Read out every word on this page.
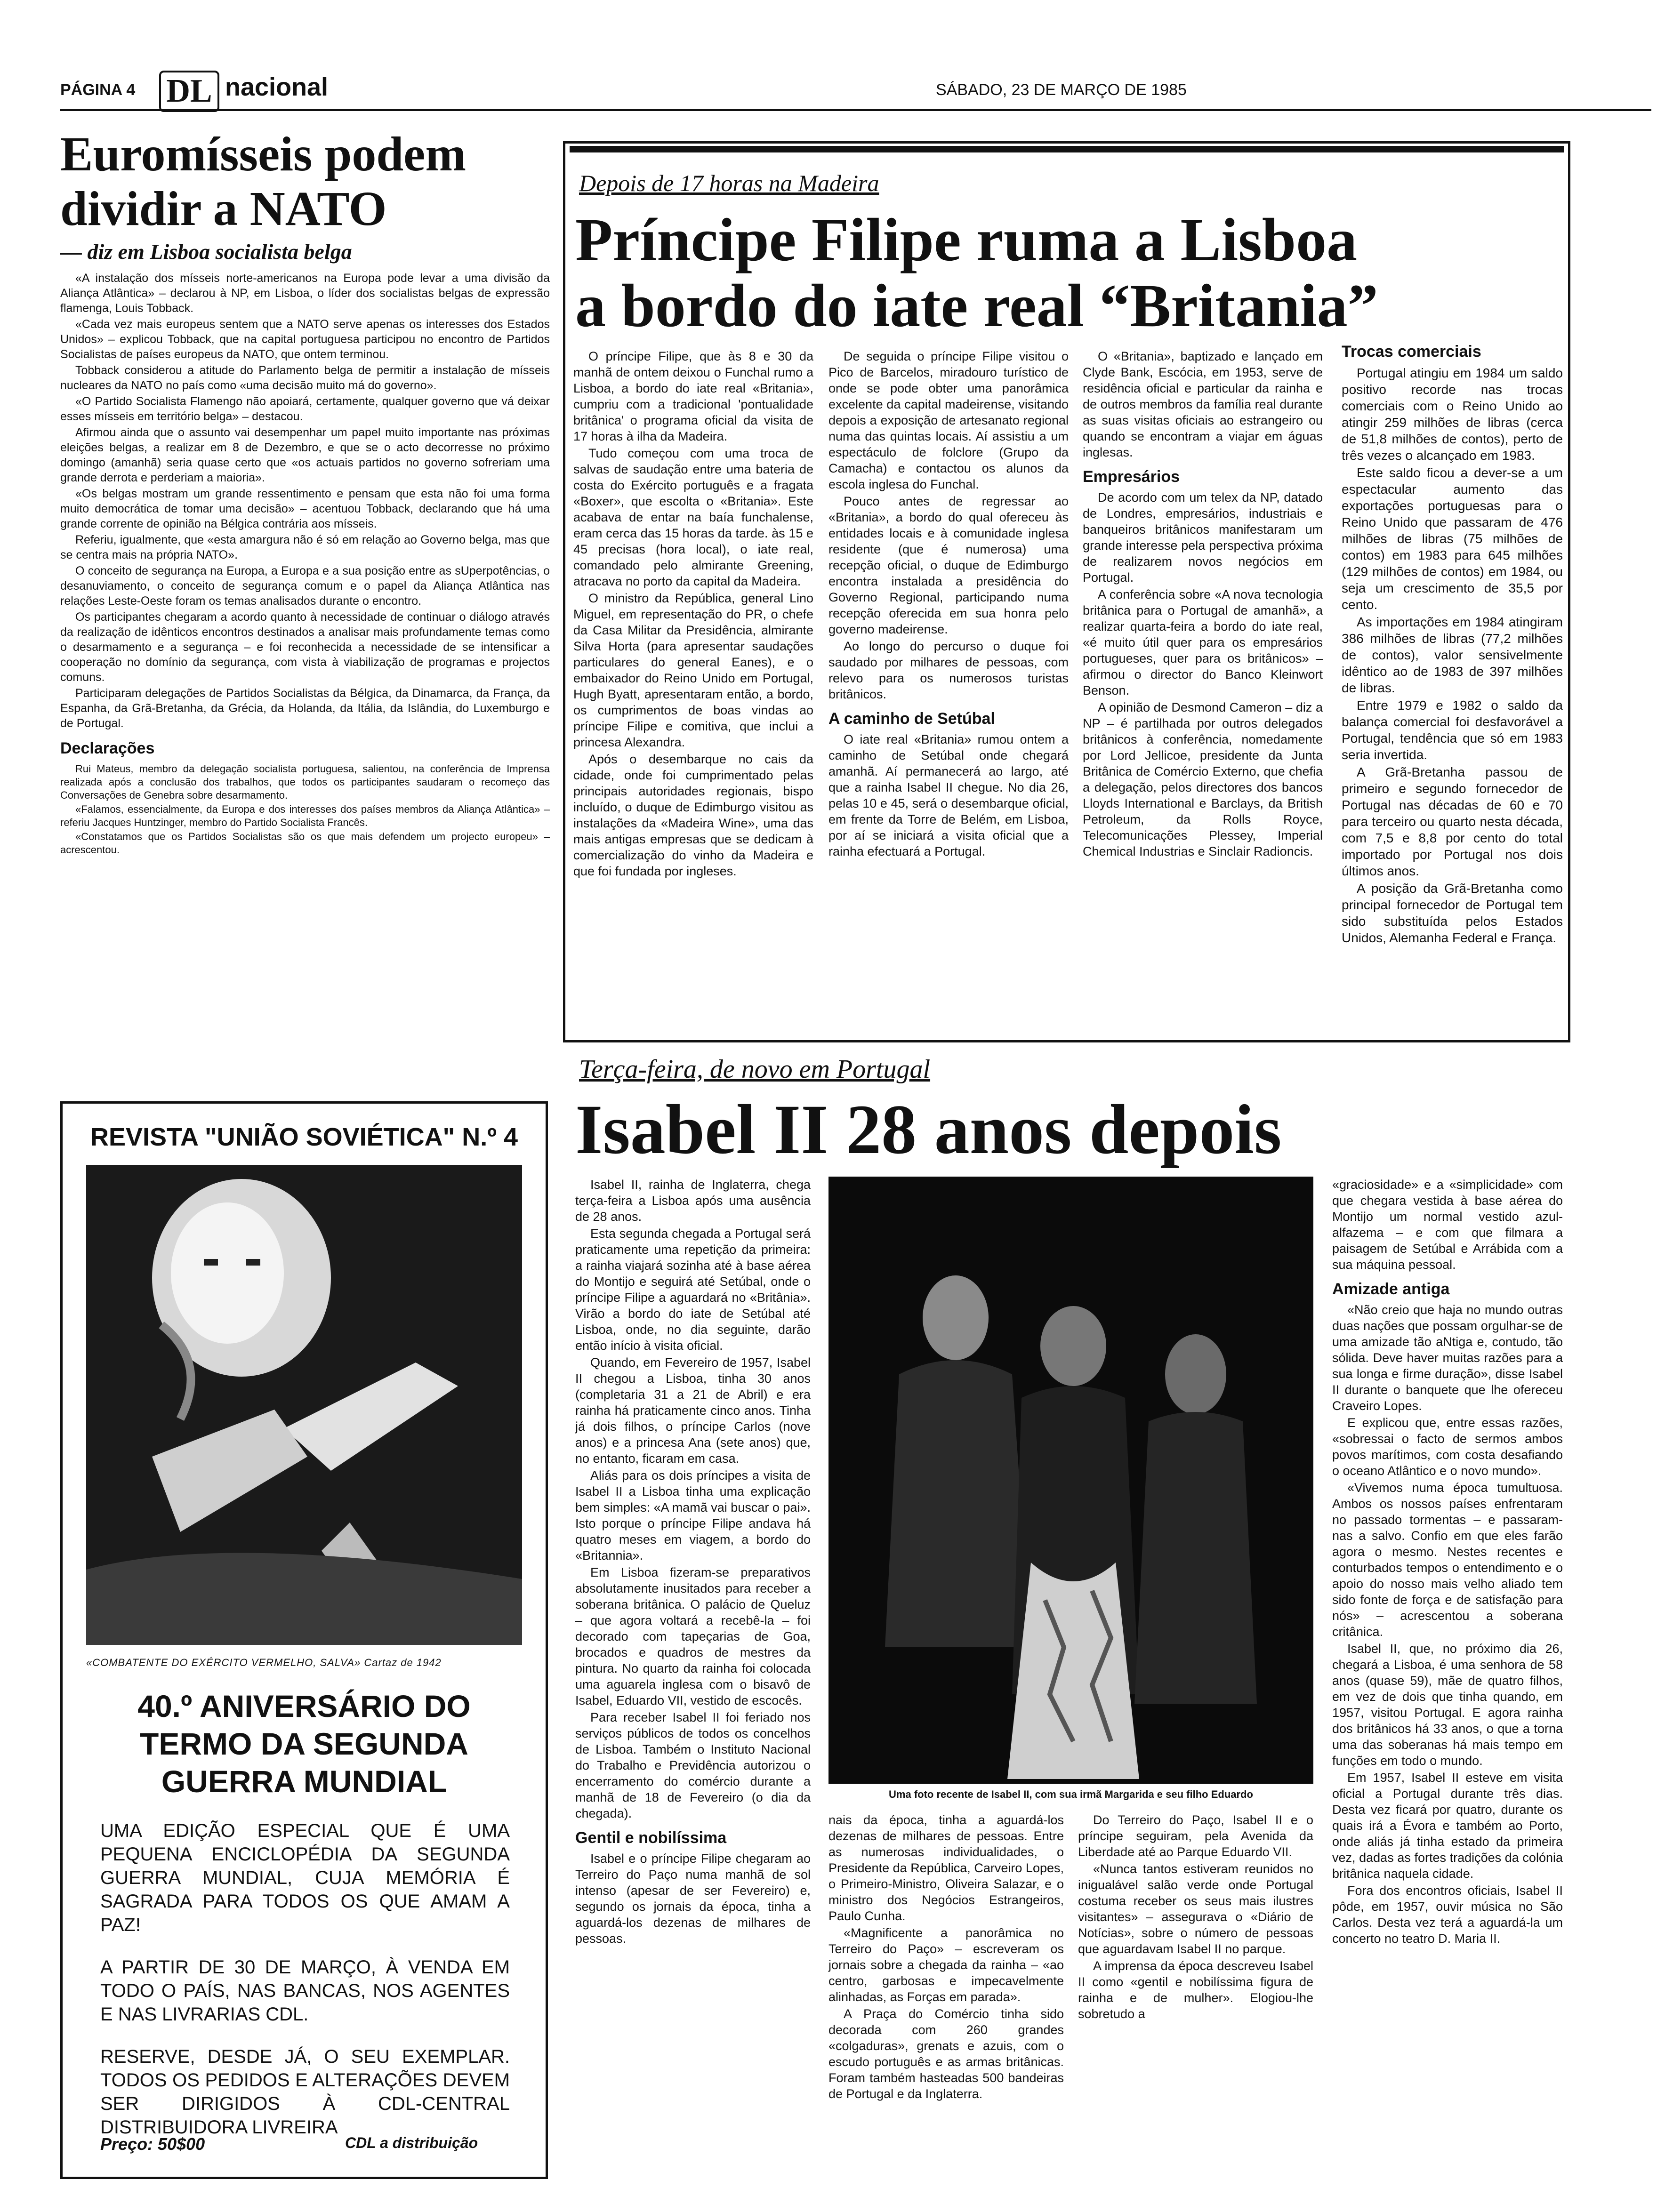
PÁGINA 4 DL nacional	SÁBADO, 23 DE MARÇO DE 1985
Euromísseis podem
dividir a NATO
— diz em Lisboa socialista belga

«A instalação dos mísseis norte-americanos na Europa pode levar a uma divisão da Aliança Atlântica» – declarou à NP, em Lisboa, o líder dos socialistas belgas de expressão flamenga, Louis Tobback.

«Cada vez mais europeus sentem que a NATO serve apenas os interesses dos Estados Unidos» – explicou Tobback, que na capital portuguesa participou no encontro de Partidos Socialistas de países europeus da NATO, que ontem terminou.

Tobback considerou a atitude do Parlamento belga de permitir a instalação de mísseis nucleares da NATO no país como «uma decisão muito má do governo».

«O Partido Socialista Flamengo não apoiará, certamente, qualquer governo que vá deixar esses mísseis em território belga» – destacou.

Afirmou ainda que o assunto vai desempenhar um papel muito importante nas próximas eleições belgas, a realizar em 8 de Dezembro, e que se o acto decorresse no próximo domingo (amanhã) seria quase certo que «os actuais partidos no governo sofreriam uma grande derrota e perderiam a maioria».

«Os belgas mostram um grande ressentimento e pensam que esta não foi uma forma muito democrática de tomar uma decisão» – acentuou Tobback, declarando que há uma grande corrente de opinião na Bélgica contrária aos mísseis.

Referiu, igualmente, que «esta amargura não é só em relação ao Governo belga, mas que se centra mais na própria NATO».

O conceito de segurança na Europa, a Europa e a sua posição entre as sUperpotências, o desanuviamento, o conceito de segurança comum e o papel da Aliança Atlântica nas relações Leste-Oeste foram os temas analisados durante o encontro.

Os participantes chegaram a acordo quanto à necessidade de continuar o diálogo através da realização de idênticos encontros destinados a analisar mais profundamente temas como o desarmamento e a segurança – e foi reconhecida a necessidade de se intensificar a cooperação no domínio da segurança, com vista à viabilização de programas e projectos comuns.

Participaram delegações de Partidos Socialistas da Bélgica, da Dinamarca, da França, da Espanha, da Grã-Bretanha, da Grécia, da Holanda, da Itália, da Islândia, do Luxemburgo e de Portugal.

Declarações

Rui Mateus, membro da delegação socialista portuguesa, salientou, na conferência de Imprensa realizada após a conclusão dos trabalhos, que todos os participantes saudaram o recomeço das Conversações de Genebra sobre desarmamento.

«Falamos, essencialmente, da Europa e dos interesses dos países membros da Aliança Atlântica» – referiu Jacques Huntzinger, membro do Partido Socialista Francês.

«Constatamos que os Partidos Socialistas são os que mais defendem um projecto europeu» – acrescentou.

REVISTA "UNIÃO SOVIÉTICA" N.º 4
«COMBATENTE DO EXÉRCITO VERMELHO, SALVA» Cartaz de 1942
40.º ANIVERSÁRIO DO
TERMO DA SEGUNDA
GUERRA MUNDIAL

UMA EDIÇÃO ESPECIAL QUE É UMA PEQUENA ENCICLOPÉDIA DA SEGUNDA GUERRA MUNDIAL, CUJA MEMÓRIA É SAGRADA PARA TODOS OS QUE AMAM A PAZ!

A PARTIR DE 30 DE MARÇO, À VENDA EM TODO O PAÍS, NAS BANCAS, NOS AGENTES E NAS LIVRARIAS CDL.

RESERVE, DESDE JÁ, O SEU EXEMPLAR. TODOS OS PEDIDOS E ALTERAÇÕES DEVEM SER DIRIGIDOS À CDL-CENTRAL DISTRIBUIDORA LIVREIRA

Preço: 50$00	CDL a distribuição
Depois de 17 horas na Madeira
Príncipe Filipe ruma a Lisboa
a bordo do iate real “Britania”

O príncipe Filipe, que às 8 e 30 da manhã de ontem deixou o Funchal rumo a Lisboa, a bordo do iate real «Britania», cumpriu com a tradicional 'pontualidade britânica' o programa oficial da visita de 17 horas à ilha da Madeira.

Tudo começou com uma troca de salvas de saudação entre uma bateria de costa do Exército português e a fragata «Boxer», que escolta o «Britania». Este acabava de entar na baía funchalense, eram cerca das 15 horas da tarde. às 15 e 45 precisas (hora local), o iate real, comandado pelo almirante Greening, atracava no porto da capital da Madeira.

O ministro da República, general Lino Miguel, em representação do PR, o chefe da Casa Militar da Presidência, almirante Silva Horta (para apresentar saudações particulares do general Eanes), e o embaixador do Reino Unido em Portugal, Hugh Byatt, apresentaram então, a bordo, os cumprimentos de boas vindas ao príncipe Filipe e comitiva, que inclui a princesa Alexandra.

Após o desembarque no cais da cidade, onde foi cumprimentado pelas principais autoridades regionais, bispo incluído, o duque de Edimburgo visitou as instalações da «Madeira Wine», uma das mais antigas empresas que se dedicam à comercialização do vinho da Madeira e que foi fundada por ingleses.

De seguida o príncipe Filipe visitou o Pico de Barcelos, miradouro turístico de onde se pode obter uma panorâmica excelente da capital madeirense, visitando depois a exposição de artesanato regional numa das quintas locais. Aí assistiu a um espectáculo de folclore (Grupo da Camacha) e contactou os alunos da escola inglesa do Funchal.

Pouco antes de regressar ao «Britania», a bordo do qual ofereceu às entidades locais e à comunidade inglesa residente (que é numerosa) uma recepção oficial, o duque de Edimburgo encontra instalada a presidência do Governo Regional, participando numa recepção oferecida em sua honra pelo governo madeirense.

Ao longo do percurso o duque foi saudado por milhares de pessoas, com relevo para os numerosos turistas britânicos.

A caminho de Setúbal

O iate real «Britania» rumou ontem a caminho de Setúbal onde chegará amanhã. Aí permanecerá ao largo, até que a rainha Isabel II chegue. No dia 26, pelas 10 e 45, será o desembarque oficial, em frente da Torre de Belém, em Lisboa, por aí se iniciará a visita oficial que a rainha efectuará a Portugal.

O «Britania», baptizado e lançado em Clyde Bank, Escócia, em 1953, serve de residência oficial e particular da rainha e de outros membros da família real durante as suas visitas oficiais ao estrangeiro ou quando se encontram a viajar em águas inglesas.

Empresários

De acordo com um telex da NP, datado de Londres, empresários, industriais e banqueiros britânicos manifestaram um grande interesse pela perspectiva próxima de realizarem novos negócios em Portugal.

A conferência sobre «A nova tecnologia britânica para o Portugal de amanhã», a realizar quarta-feira a bordo do iate real, «é muito útil quer para os empresários portugueses, quer para os britânicos» – afirmou o director do Banco Kleinwort Benson.

A opinião de Desmond Cameron – diz a NP – é partilhada por outros delegados britânicos à conferência, nomedamente por Lord Jellicoe, presidente da Junta Britânica de Comércio Externo, que chefia a delegação, pelos directores dos bancos Lloyds International e Barclays, da British Petroleum, da Rolls Royce, Telecomunicações Plessey, Imperial Chemical Industrias e Sinclair Radioncis.

Trocas comerciais

Portugal atingiu em 1984 um saldo positivo recorde nas trocas comerciais com o Reino Unido ao atingir 259 milhões de libras (cerca de 51,8 milhões de contos), perto de três vezes o alcançado em 1983.

Este saldo ficou a dever-se a um espectacular aumento das exportações portuguesas para o Reino Unido que passaram de 476 milhões de libras (75 milhões de contos) em 1983 para 645 milhões (129 milhões de contos) em 1984, ou seja um crescimento de 35,5 por cento.

As importações em 1984 atingiram 386 milhões de libras (77,2 milhões de contos), valor sensivelmente idêntico ao de 1983 de 397 milhões de libras.

Entre 1979 e 1982 o saldo da balança comercial foi desfavorável a Portugal, tendência que só em 1983 seria invertida.

A Grã-Bretanha passou de primeiro e segundo fornecedor de Portugal nas décadas de 60 e 70 para terceiro ou quarto nesta década, com 7,5 e 8,8 por cento do total importado por Portugal nos dois últimos anos.

A posição da Grã-Bretanha como principal fornecedor de Portugal tem sido substituída pelos Estados Unidos, Alemanha Federal e França.

Terça-feira, de novo em Portugal
Isabel II 28 anos depois

Isabel II, rainha de Inglaterra, chega terça-feira a Lisboa após uma ausência de 28 anos.

Esta segunda chegada a Portugal será praticamente uma repetição da primeira: a rainha viajará sozinha até à base aérea do Montijo e seguirá até Setúbal, onde o príncipe Filipe a aguardará no «Britânia». Virão a bordo do iate de Setúbal até Lisboa, onde, no dia seguinte, darão então início à visita oficial.

Quando, em Fevereiro de 1957, Isabel II chegou a Lisboa, tinha 30 anos (completaria 31 a 21 de Abril) e era rainha há praticamente cinco anos. Tinha já dois filhos, o príncipe Carlos (nove anos) e a princesa Ana (sete anos) que, no entanto, ficaram em casa.

Aliás para os dois príncipes a visita de Isabel II a Lisboa tinha uma explicação bem simples: «A mamã vai buscar o pai». Isto porque o príncipe Filipe andava há quatro meses em viagem, a bordo do «Britannia».

Em Lisboa fizeram-se preparativos absolutamente inusitados para receber a soberana britânica. O palácio de Queluz – que agora voltará a recebê-la – foi decorado com tapeçarias de Goa, brocados e quadros de mestres da pintura. No quarto da rainha foi colocada uma aguarela inglesa com o bisavô de Isabel, Eduardo VII, vestido de escocês.

Para receber Isabel II foi feriado nos serviços públicos de todos os concelhos de Lisboa. Também o Instituto Nacional do Trabalho e Previdência autorizou o encerramento do comércio durante a manhã de 18 de Fevereiro (o dia da chegada).

Gentil e nobilíssima

Isabel e o príncipe Filipe chegaram ao Terreiro do Paço numa manhã de sol intenso (apesar de ser Fevereiro) e, segundo os jornais da época, tinha a aguardá-los dezenas de milhares de pessoas.

Uma foto recente de Isabel II, com sua irmã Margarida e seu filho Eduardo

nais da época, tinha a aguardá-los dezenas de milhares de pessoas. Entre as numerosas individualidades, o Presidente da República, Carveiro Lopes, o Primeiro-Ministro, Oliveira Salazar, e o ministro dos Negócios Estrangeiros, Paulo Cunha.

«Magnificente a panorâmica no Terreiro do Paço» – escreveram os jornais sobre a chegada da rainha – «ao centro, garbosas e impecavelmente alinhadas, as Forças em parada».

A Praça do Comércio tinha sido decorada com 260 grandes «colgaduras», grenats e azuis, com o escudo português e as armas britânicas. Foram também hasteadas 500 bandeiras de Portugal e da Inglaterra.

Do Terreiro do Paço, Isabel II e o príncipe seguiram, pela Avenida da Liberdade até ao Parque Eduardo VII.

«Nunca tantos estiveram reunidos no inigualável salão verde onde Portugal costuma receber os seus mais ilustres visitantes» – assegurava o «Diário de Notícias», sobre o número de pessoas que aguardavam Isabel II no parque.

A imprensa da época descreveu Isabel II como «gentil e nobilíssima figura de rainha e de mulher». Elogiou-lhe sobretudo a

«graciosidade» e a «simplicidade» com que chegara vestida à base aérea do Montijo um normal vestido azul-alfazema – e com que filmara a paisagem de Setúbal e Arrábida com a sua máquina pessoal.

Amizade antiga

«Não creio que haja no mundo outras duas nações que possam orgulhar-se de uma amizade tão aNtiga e, contudo, tão sólida. Deve haver muitas razões para a sua longa e firme duração», disse Isabel II durante o banquete que lhe ofereceu Craveiro Lopes.

E explicou que, entre essas razões, «sobressai o facto de sermos ambos povos marítimos, com costa desafiando o oceano Atlântico e o novo mundo».

«Vivemos numa época tumultuosa. Ambos os nossos países enfrentaram no passado tormentas – e passaram-nas a salvo. Confio em que eles farão agora o mesmo. Nestes recentes e conturbados tempos o entendimento e o apoio do nosso mais velho aliado tem sido fonte de força e de satisfação para nós» – acrescentou a soberana critânica.

Isabel II, que, no próximo dia 26, chegará a Lisboa, é uma senhora de 58 anos (quase 59), mãe de quatro filhos, em vez de dois que tinha quando, em 1957, visitou Portugal. E agora rainha dos britânicos há 33 anos, o que a torna uma das soberanas há mais tempo em funções em todo o mundo.

Em 1957, Isabel II esteve em visita oficial a Portugal durante três dias. Desta vez ficará por quatro, durante os quais irá a Évora e também ao Porto, onde aliás já tinha estado da primeira vez, dadas as fortes tradições da colónia britânica naquela cidade.

Fora dos encontros oficiais, Isabel II pôde, em 1957, ouvir música no São Carlos. Desta vez terá a aguardá-la um concerto no teatro D. Maria II.
